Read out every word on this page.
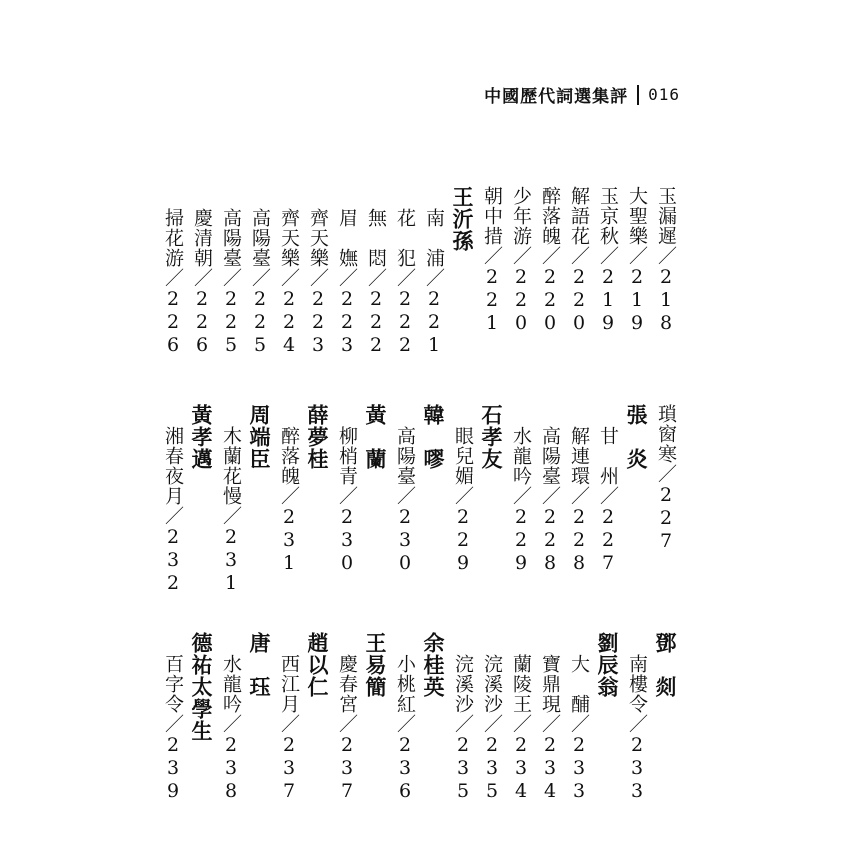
中國歷代詞選集評 016
玉漏遲／218
大聖樂／219
玉京秋／219
解語花／220
醉落魄／220
少年游／220
朝中措／221
王沂孫
南　浦／221
花　犯／222
無　悶／222
眉　嫵／223
齊天樂／223
齊天樂／224
高陽臺／225
高陽臺／225
慶清朝／226
掃花游／226
瑣窗寒／227
張　炎
甘　州／227
解連環／228
高陽臺／228
水龍吟／229
石孝友
眼兒媚／229
韓　嘐
高陽臺／230
黃　蘭
柳梢青／230
薛夢桂
醉落魄／231
周端臣
木蘭花慢／231
黃孝邁
湘春夜月／232
鄧　剡
南樓令／233
劉辰翁
大　酺／233
寶鼎現／234
蘭陵王／234
浣溪沙／235
浣溪沙／235
余桂英
小桃紅／236
王易簡
慶春宮／237
趙以仁
西江月／237
唐　珏
水龍吟／238
德祐太學生
百字令／239
